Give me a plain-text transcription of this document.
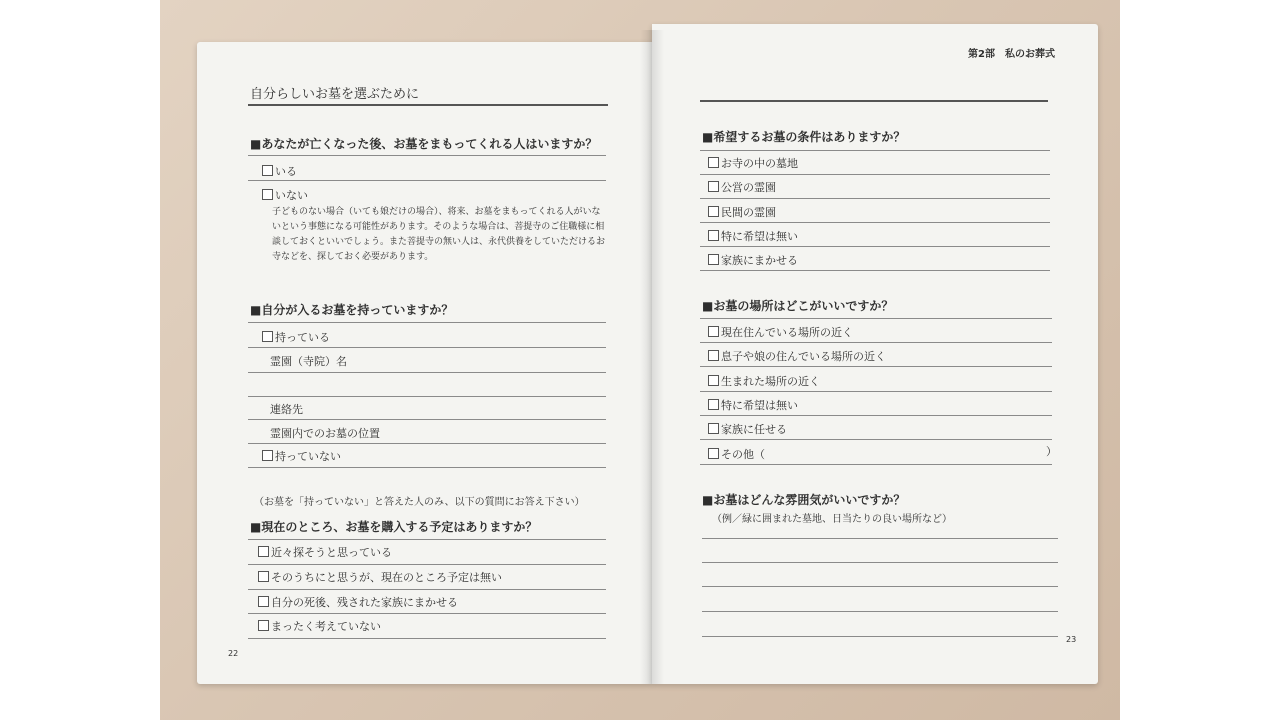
自分らしいお墓を選ぶために
■あなたが亡くなった後、お墓をまもってくれる人はいますか？
いる
いない
子どものない場合（いても娘だけの場合）、将来、お墓をまもってくれる人がいないという事態になる可能性があります。そのような場合は、菩提寺のご住職様に相談しておくといいでしょう。また菩提寺の無い人は、永代供養をしていただけるお寺などを、探しておく必要があります。
■自分が入るお墓を持っていますか？
持っている
霊園（寺院）名
連絡先
霊園内でのお墓の位置
持っていない
（お墓を「持っていない」と答えた人のみ、以下の質問にお答え下さい）
■現在のところ、お墓を購入する予定はありますか？
近々探そうと思っている
そのうちにと思うが、現在のところ予定は無い
自分の死後、残された家族にまかせる
まったく考えていない
22
第2部　私のお葬式
■希望するお墓の条件はありますか？
お寺の中の墓地
公営の霊園
民間の霊園
特に希望は無い
家族にまかせる
■お墓の場所はどこがいいですか？
現在住んでいる場所の近く
息子や娘の住んでいる場所の近く
生まれた場所の近く
特に希望は無い
家族に任せる
その他（	）
■お墓はどんな雰囲気がいいですか？
（例／緑に囲まれた墓地、日当たりの良い場所など）
23
